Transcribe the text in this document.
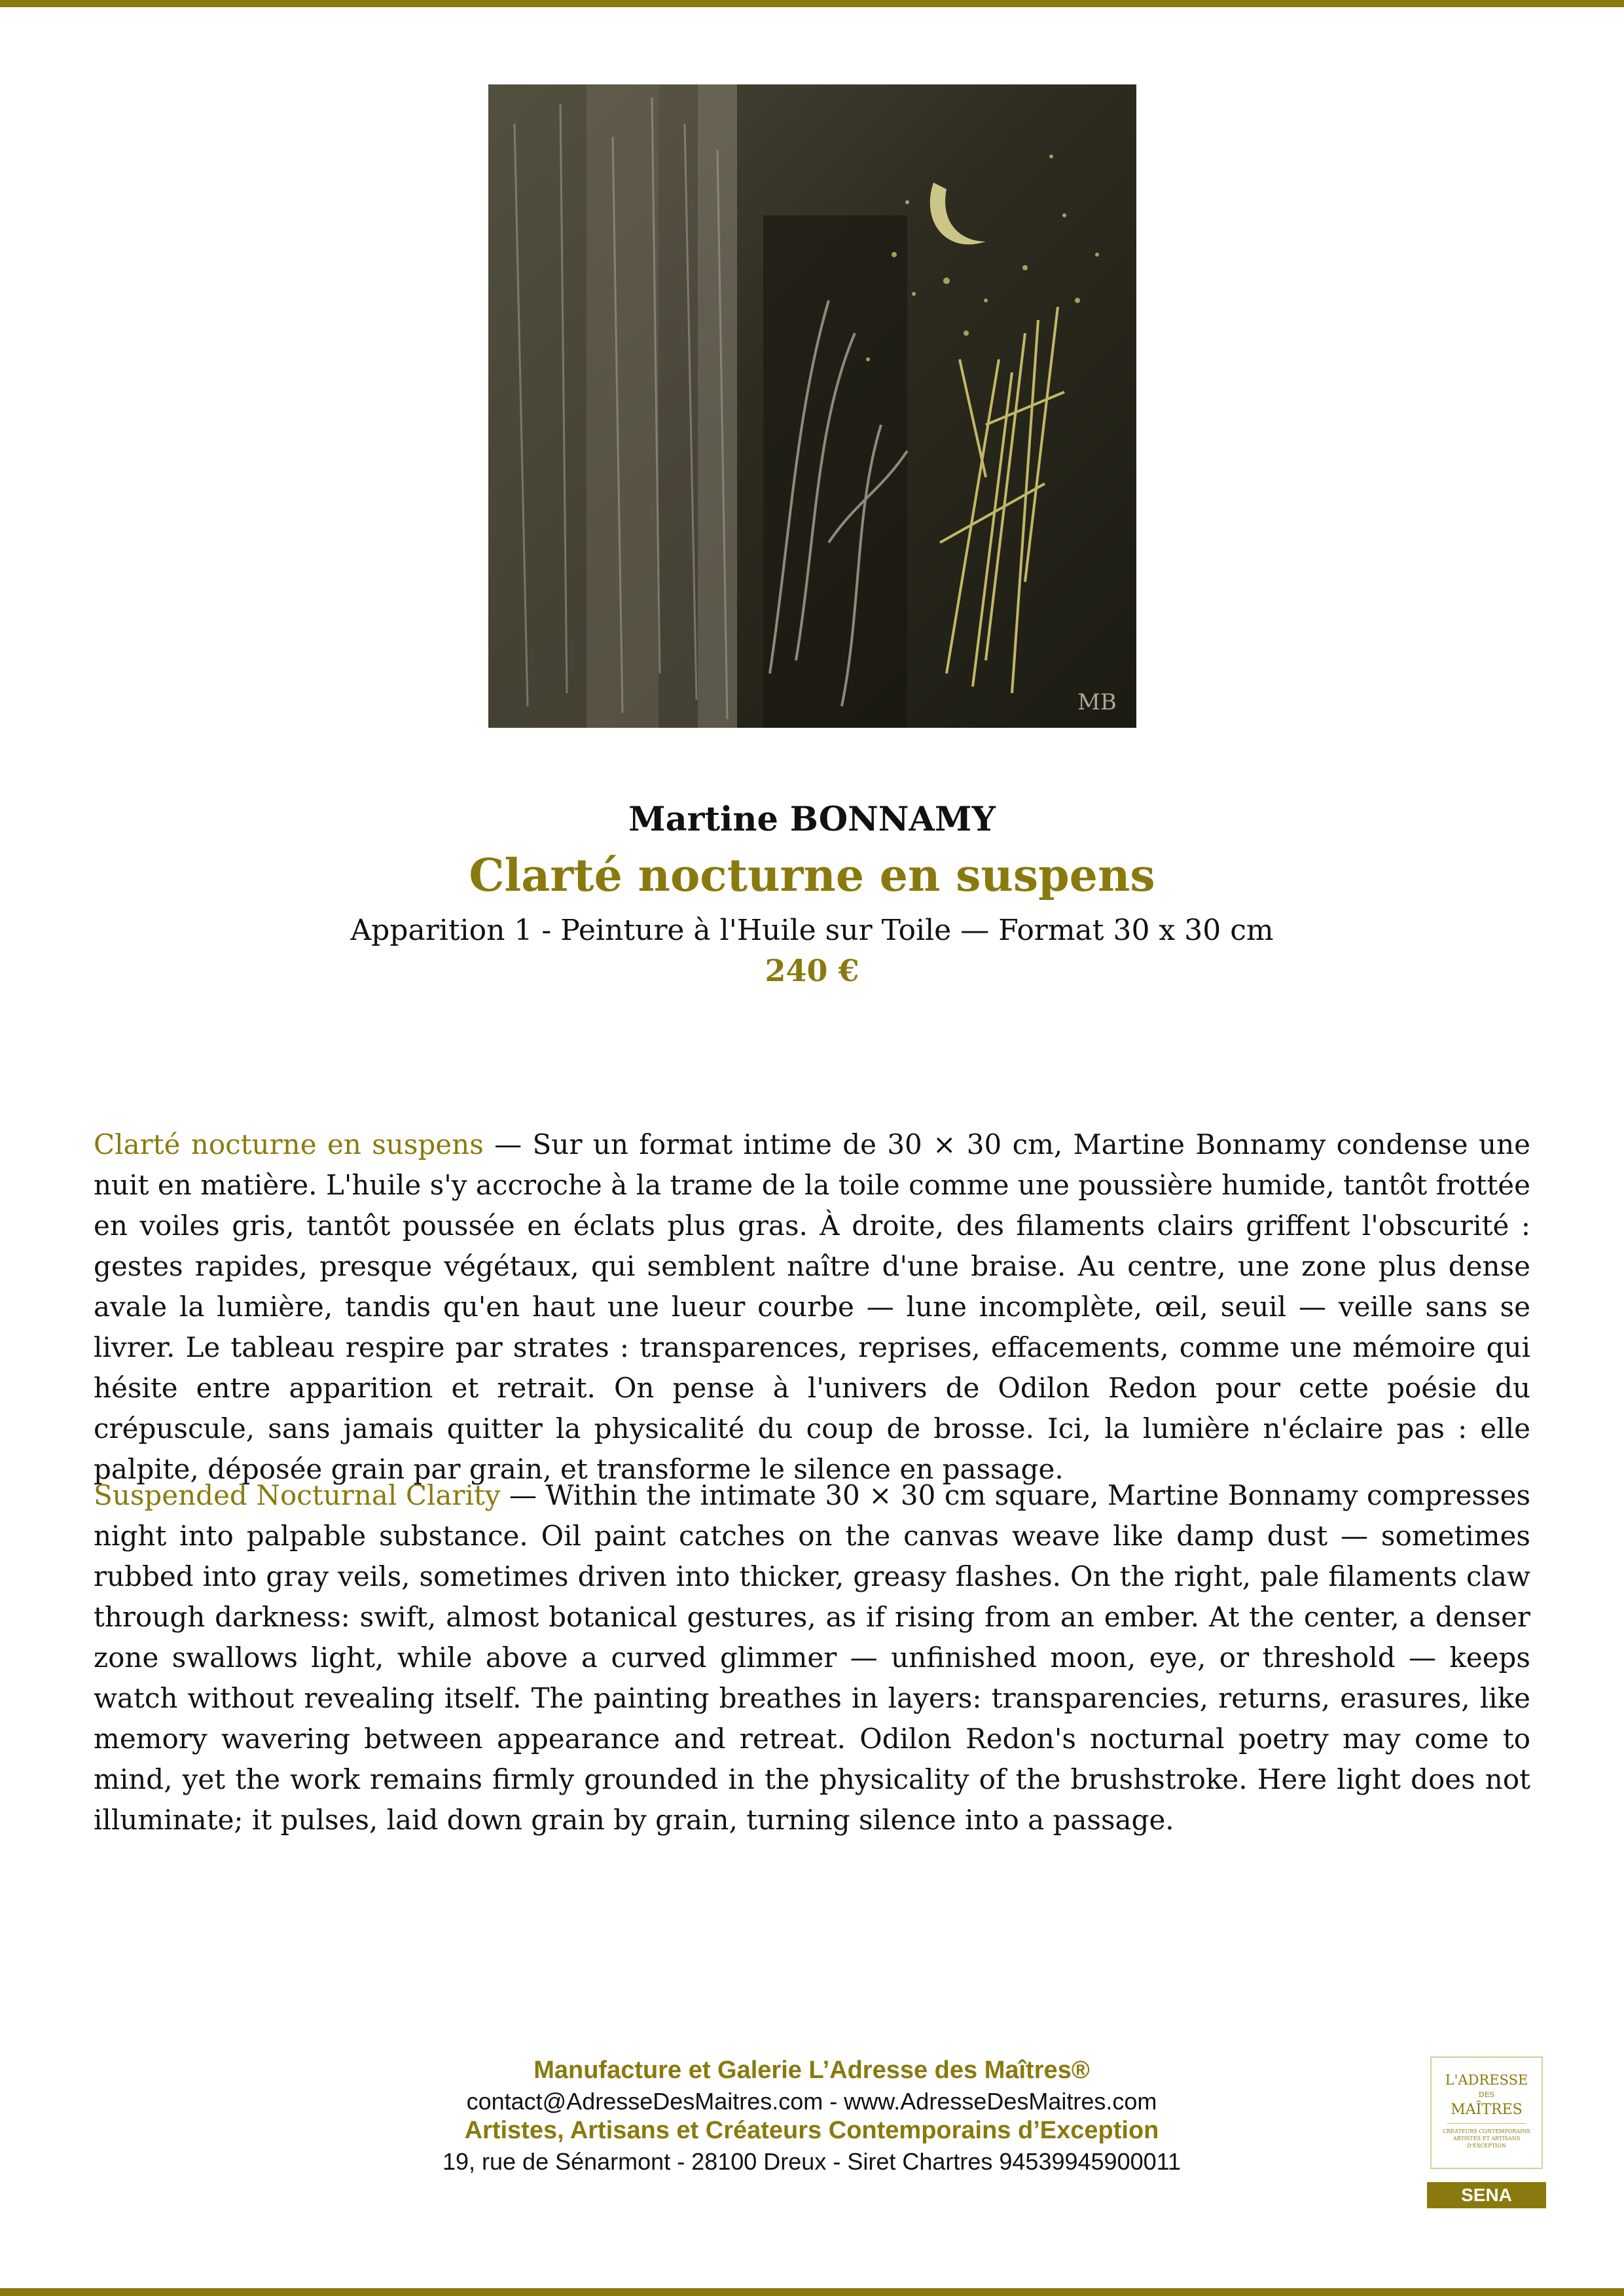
MB
Martine BONNAMY
Clarté nocturne en suspens
Apparition 1 - Peinture à l'Huile sur Toile — Format 30 x 30 cm
240 €

Clarté nocturne en suspens — Sur un format intime de 30 × 30 cm, Martine Bonnamy condense une nuit en matière. L'huile s'y accroche à la trame de la toile comme une poussière humide, tantôt frottée en voiles gris, tantôt poussée en éclats plus gras. À droite, des filaments clairs griffent l'obscurité : gestes rapides, presque végétaux, qui semblent naître d'une braise. Au centre, une zone plus dense avale la lumière, tandis qu'en haut une lueur courbe — lune incomplète, œil, seuil — veille sans se livrer. Le tableau respire par strates : transparences, reprises, effacements, comme une mémoire qui hésite entre apparition et retrait. On pense à l'univers de Odilon Redon pour cette poésie du crépuscule, sans jamais quitter la physicalité du coup de brosse. Ici, la lumière n'éclaire pas : elle palpite, déposée grain par grain, et transforme le silence en passage.

Suspended Nocturnal Clarity — Within the intimate 30 × 30 cm square, Martine Bonnamy compresses night into palpable substance. Oil paint catches on the canvas weave like damp dust — sometimes rubbed into gray veils, sometimes driven into thicker, greasy flashes. On the right, pale filaments claw through darkness: swift, almost botanical gestures, as if rising from an ember. At the center, a denser zone swallows light, while above a curved glimmer — unfinished moon, eye, or threshold — keeps watch without revealing itself. The painting breathes in layers: transparencies, returns, erasures, like memory wavering between appearance and retreat. Odilon Redon's nocturnal poetry may come to mind, yet the work remains firmly grounded in the physicality of the brushstroke. Here light does not illuminate; it pulses, laid down grain by grain, turning silence into a passage.

Manufacture et Galerie L’Adresse des Maîtres®
contact@AdresseDesMaitres.com - www.AdresseDesMaitres.com
Artistes, Artisans et Créateurs Contemporains d’Exception
19, rue de Sénarmont - 28100 Dreux - Siret Chartres 94539945900011
L'ADRESSE
DES
MAÎTRES
CRÉATEURS CONTEMPORAINS ARTISTES ET ARTISANS D'EXCEPTION
SENA
